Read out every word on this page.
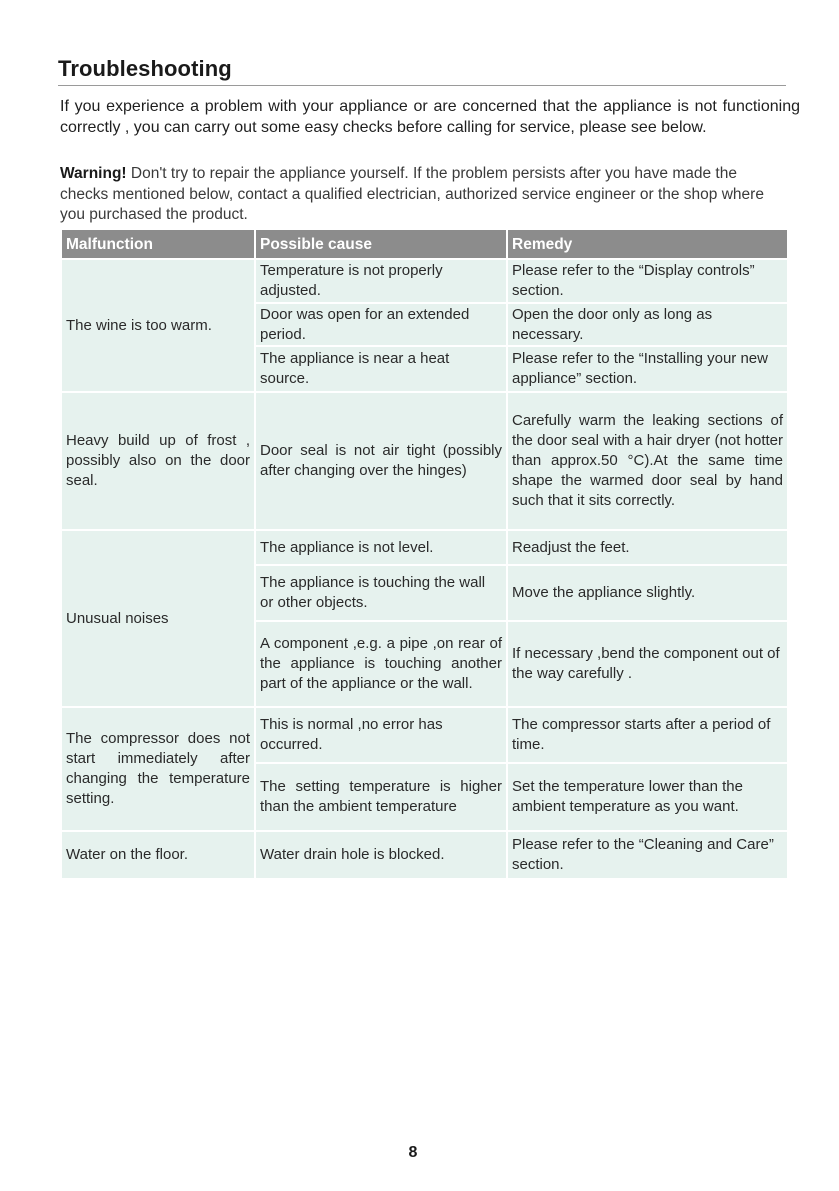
Troubleshooting

If you experience a problem with your appliance or are concerned that the appliance is not functioning correctly , you can carry out some easy checks before calling for service, please see below.

Warning! Don't try to repair the appliance yourself. If the problem persists after you have made the checks mentioned below, contact a qualified electrician, authorized service engineer or the shop where you purchased the product.

Malfunction	Possible cause	Remedy
The wine is too warm.	Temperature is not properly adjusted.	Please refer to the “Display controls” section.
	Door was open for an extended period.	Open the door only as long as necessary.
	The appliance is near a heat source.	Please refer to the “Installing your new appliance” section.
Heavy build up of frost , possibly also on the door seal.	Door seal is not air tight (possibly after changing over the hinges)	Carefully warm the leaking sections of the door seal with a hair dryer (not hotter than approx.50 °C).At the same time shape the warmed door seal by hand such that it sits correctly.
Unusual noises	The appliance is not level.	Readjust the feet.
	The appliance is touching the wall or other objects.	Move the appliance slightly.
	A component ,e.g. a pipe ,on rear of the appliance is touching another part of the appliance or the wall.	If necessary ,bend the component out of the way carefully .
The compressor does not start immediately after changing the temperature setting.	This is normal ,no error has occurred.	The compressor starts after a period of time.
	The setting temperature is higher than the ambient temperature	Set the temperature lower than the ambient temperature as you want.
Water on the floor.	Water drain hole is blocked.	Please refer to the “Cleaning and Care” section.
8
